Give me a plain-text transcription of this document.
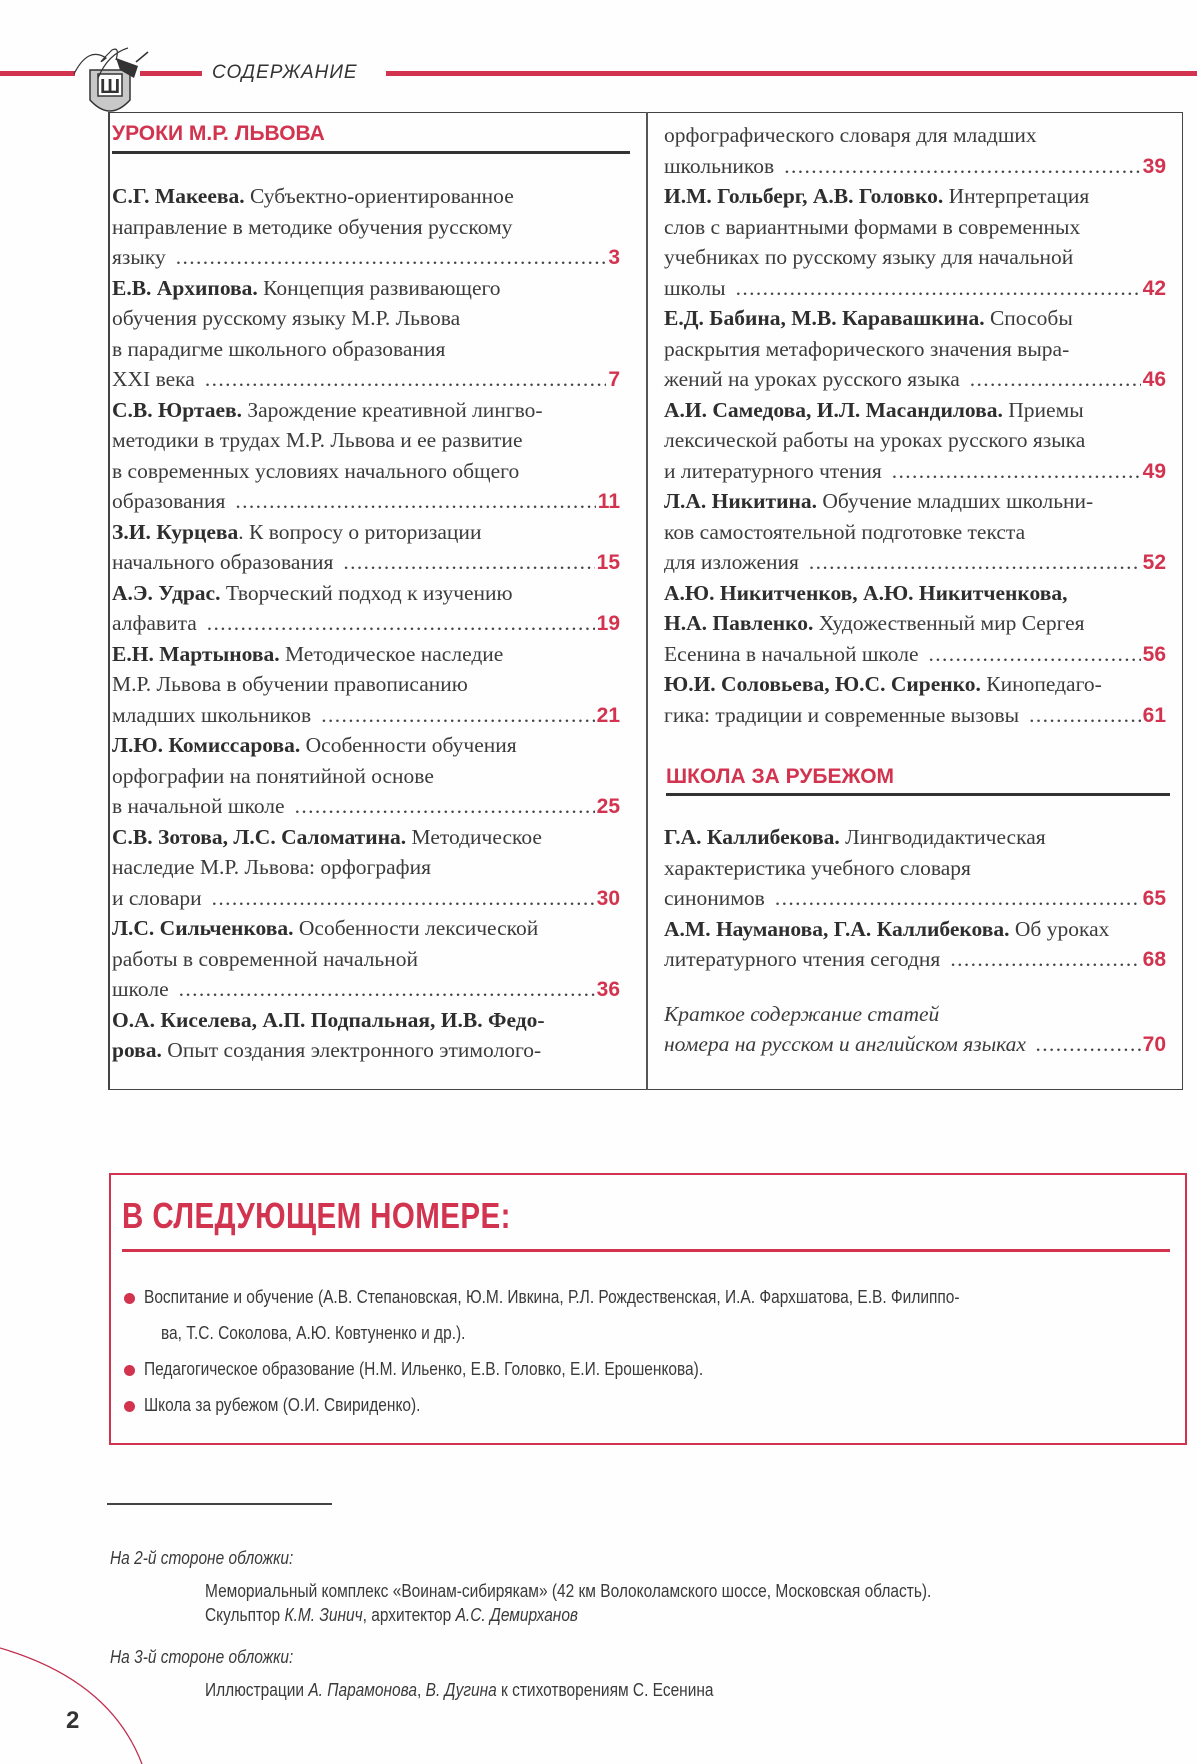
Ш
СОДЕРЖАНИЕ
УРОКИ М.Р. ЛЬВОВА
С.Г. Макеева. Субъектно-ориентированное
направление в методике обучения русскому
языку . . .	3
Е.В. Архипова. Концепция развивающего
обучения русскому языку М.Р. Львова
в парадигме школьного образования
XXI века . . .	7
С.В. Юртаев. Зарождение креативной лингво-
методики в трудах М.Р. Львова и ее развитие
в современных условиях начального общего
образования . . .	11
З.И. Курцева. К вопросу о риторизации
начального образования . . .	15
А.Э. Удрас. Творческий подход к изучению
алфавита . . .	19
Е.Н. Мартынова. Методическое наследие
М.Р. Львова в обучении правописанию
младших школьников . . .	21
Л.Ю. Комиссарова. Особенности обучения
орфографии на понятийной основе
в начальной школе . . .	25
С.В. Зотова, Л.С. Саломатина. Методическое
наследие М.Р. Львова: орфография
и словари . . .	30
Л.С. Сильченкова. Особенности лексической
работы в современной начальной
школе . . .	36
О.А. Киселева, А.П. Подпальная, И.В. Федо-
рова. Опыт создания электронного этимолого-
орфографического словаря для младших
школьников . . .	39
И.М. Гольберг, А.В. Головко. Интерпретация
слов с вариантными формами в современных
учебниках по русскому языку для начальной
школы . . .	42
Е.Д. Бабина, М.В. Каравашкина. Способы
раскрытия метафорического значения выра-
жений на уроках русского языка . . .	46
А.И. Самедова, И.Л. Масандилова. Приемы
лексической работы на уроках русского языка
и литературного чтения . . .	49
Л.А. Никитина. Обучение младших школьни-
ков самостоятельной подготовке текста
для изложения . . .	52
А.Ю. Никитченков, А.Ю. Никитченкова,
Н.А. Павленко. Художественный мир Сергея
Есенина в начальной школе . . .	56
Ю.И. Соловьева, Ю.С. Сиренко. Кинопедаго-
гика: традиции и современные вызовы . . .	61
Г.А. Каллибекова. Лингводидактическая
характеристика учебного словаря
синонимов . . .	65
А.М. Науманова, Г.А. Каллибекова. Об уроках
литературного чтения сегодня . . .	68
Краткое содержание статей
номера на русском и английском языках . . .	70
ШКОЛА ЗА РУБЕЖОМ
В СЛЕДУЮЩЕМ НОМЕРЕ:
Воспитание и обучение (А.В. Степановская, Ю.М. Ивкина, Р.Л. Рождественская, И.А. Фархшатова, Е.В. Филиппо-
ва, Т.С. Соколова, А.Ю. Ковтуненко и др.).
Педагогическое образование (Н.М. Ильенко, Е.В. Головко, Е.И. Ерошенкова).
Школа за рубежом (О.И. Свириденко).
На 2-й стороне обложки:
Мемориальный комплекс «Воинам-сибирякам» (42 км Волоколамского шоссе, Московская область).
Скульптор К.М. Зинич, архитектор А.С. Демирханов
На 3-й стороне обложки:
Иллюстрации А. Парамонова, В. Дугина к стихотворениям С. Есенина
2
